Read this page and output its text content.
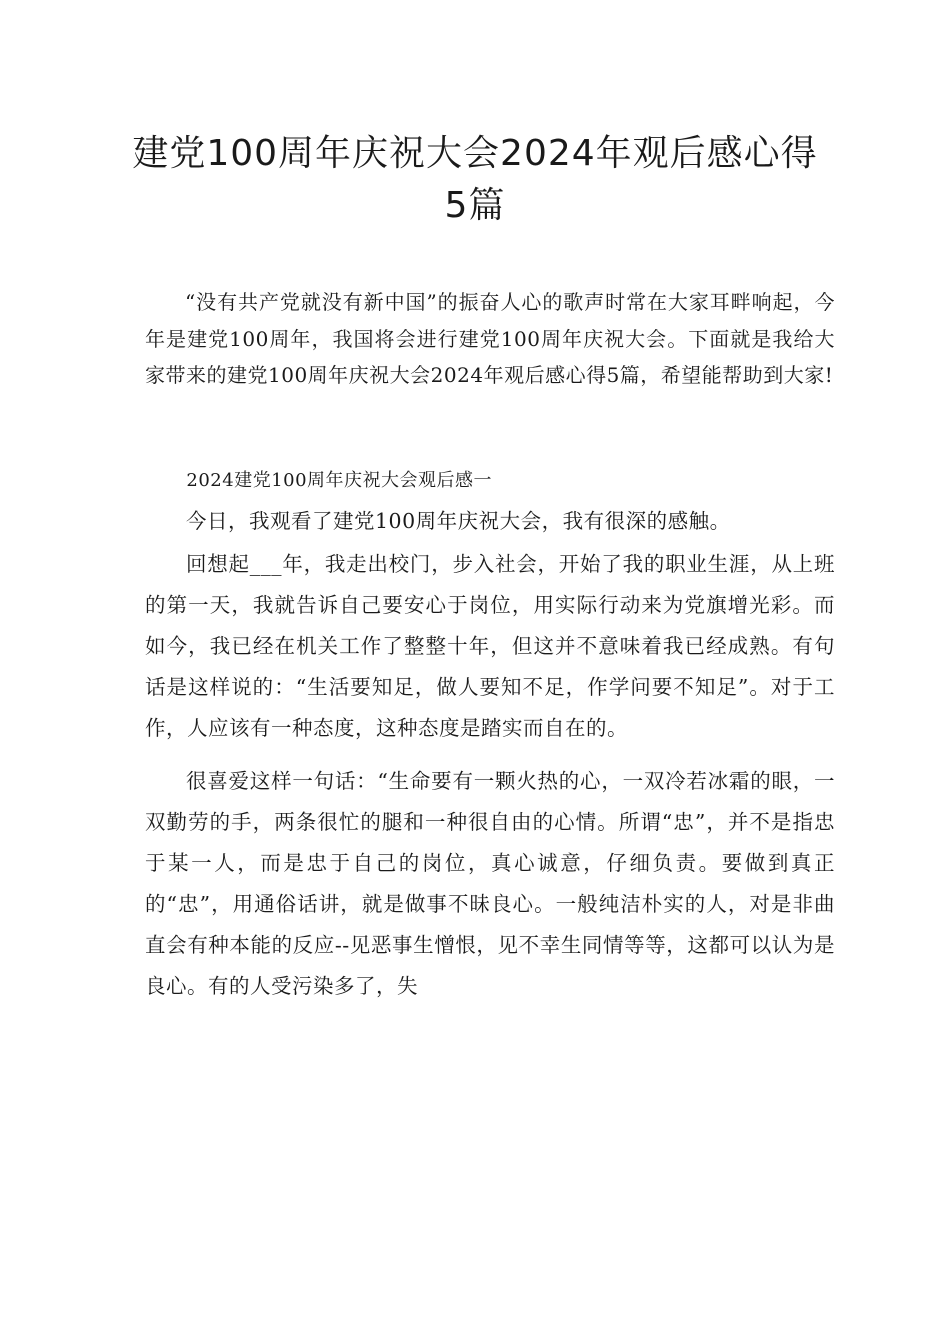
建党100周年庆祝大会2024年观后感心得5篇

“没有共产党就没有新中国”的振奋人心的歌声时常在大家耳畔响起，今年是建党100周年，我国将会进行建党100周年庆祝大会。下面就是我给大家带来的建党100周年庆祝大会2024年观后感心得5篇，希望能帮助到大家!

2024建党100周年庆祝大会观后感一

今日，我观看了建党100周年庆祝大会，我有很深的感触。

回想起___年，我走出校门，步入社会，开始了我的职业生涯，从上班的第一天，我就告诉自己要安心于岗位，用实际行动来为党旗增光彩。而如今，我已经在机关工作了整整十年，但这并不意味着我已经成熟。有句话是这样说的：“生活要知足，做人要知不足，作学问要不知足”。对于工作，人应该有一种态度，这种态度是踏实而自在的。

很喜爱这样一句话：“生命要有一颗火热的心，一双冷若冰霜的眼，一双勤劳的手，两条很忙的腿和一种很自由的心情。所谓“忠”，并不是指忠于某一人，而是忠于自己的岗位，真心诚意，仔细负责。要做到真正的“忠”，用通俗话讲，就是做事不昧良心。一般纯洁朴实的人，对是非曲直会有种本能的反应--见恶事生憎恨，见不幸生同情等等，这都可以认为是良心。有的人受污染多了，失
